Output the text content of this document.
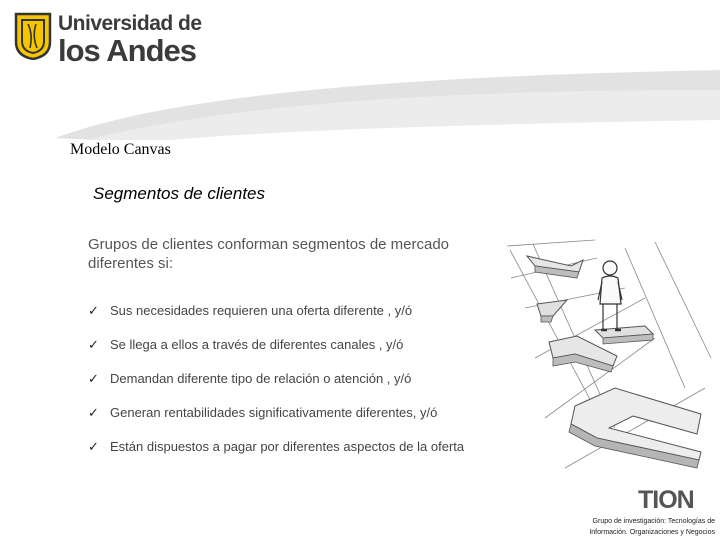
Universidad de
los Andes
Modelo Canvas
Segmentos de clientes
Grupos de clientes conforman segmentos de mercado diferentes si:
✓ Sus necesidades requieren una oferta diferente , y/ó
✓ Se llega a ellos a través de diferentes canales , y/ó
✓ Demandan diferente tipo de relación o atención , y/ó
✓ Generan rentabilidades significativamente diferentes, y/ó
✓ Están dispuestos a pagar por diferentes aspectos de la oferta
TION
Grupo de investigación: Tecnologías de Información. Organizaciones y Negocios
